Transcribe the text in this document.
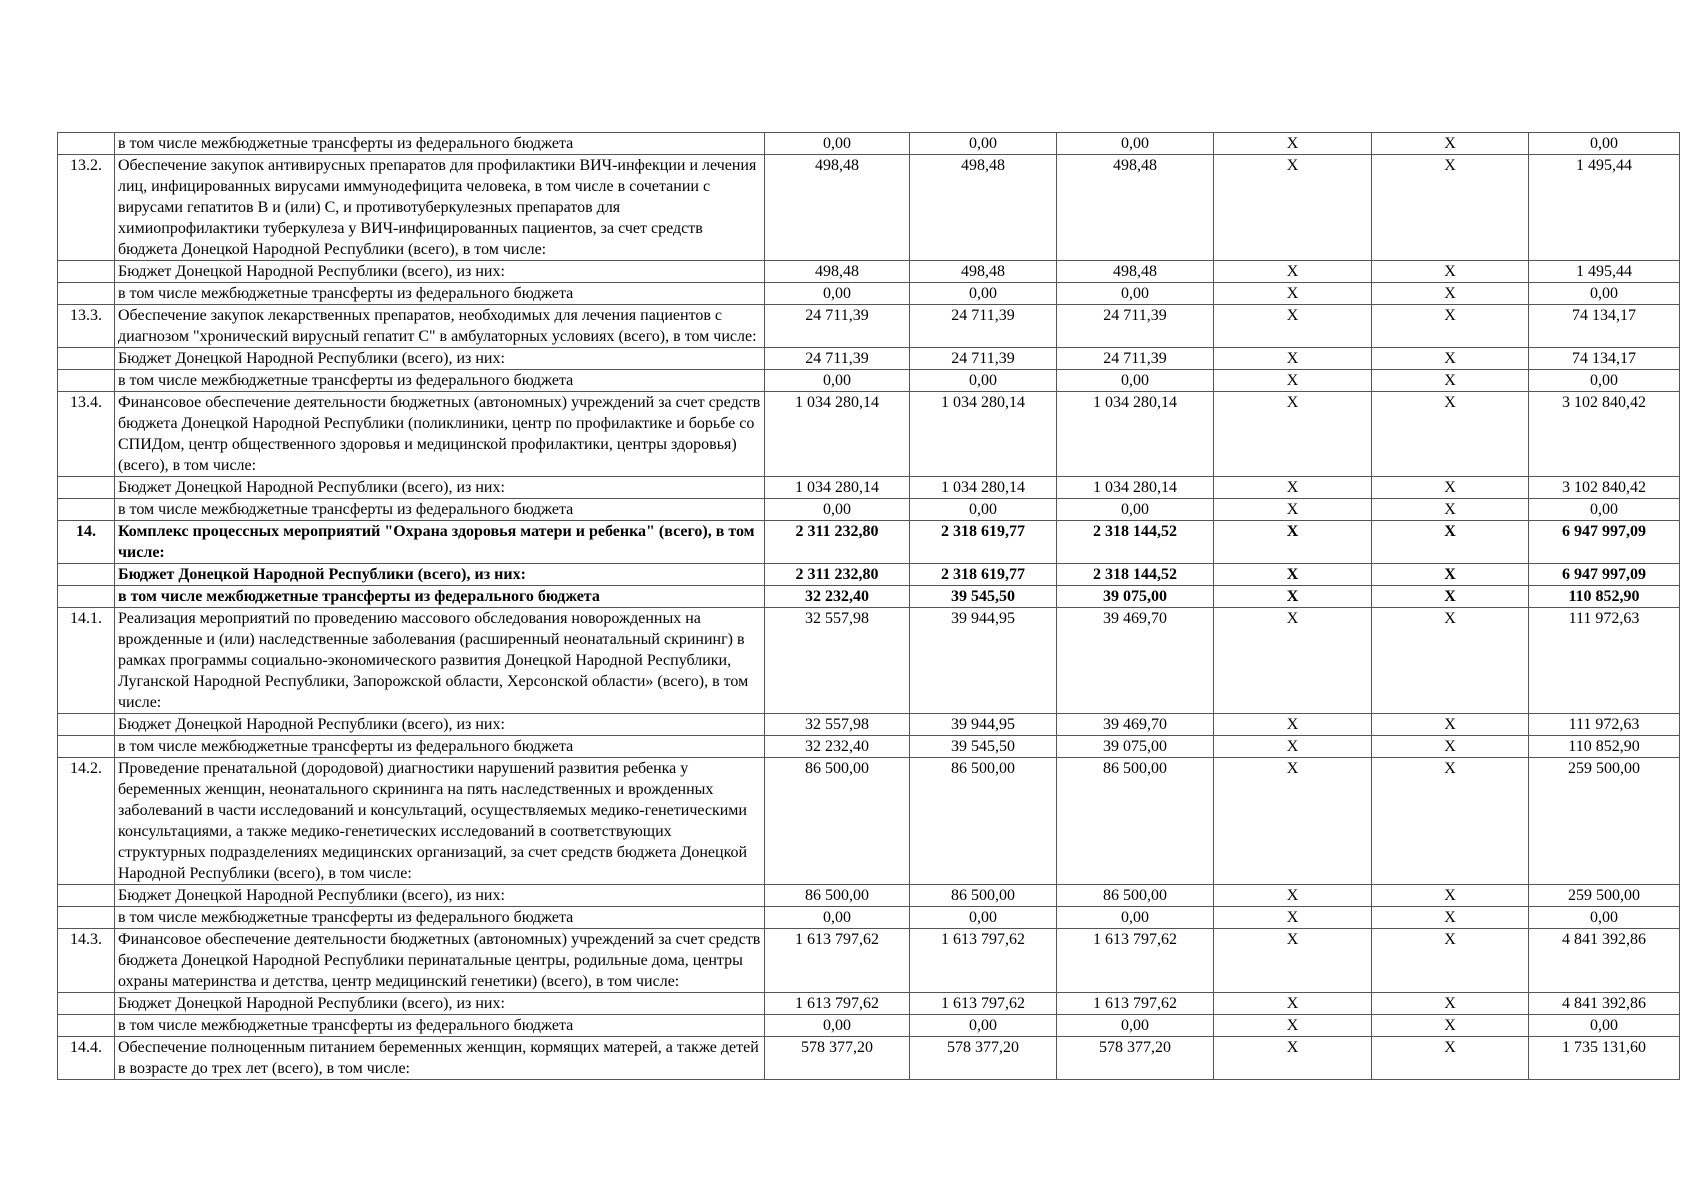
	в том числе межбюджетные трансферты из федерального бюджета	0,00	0,00	0,00	X	X	0,00
13.2.	Обеспечение закупок антивирусных препаратов для профилактики ВИЧ-инфекции и лечения лиц, инфицированных вирусами иммунодефицита человека, в том числе в сочетании с вирусами гепатитов В и (или) С, и противотуберкулезных препаратов для химиопрофилактики туберкулеза у ВИЧ-инфицированных пациентов, за счет средств бюджета Донецкой Народной Республики (всего), в том числе:	498,48	498,48	498,48	X	X	1 495,44
	Бюджет Донецкой Народной Республики (всего), из них:	498,48	498,48	498,48	X	X	1 495,44
	в том числе межбюджетные трансферты из федерального бюджета	0,00	0,00	0,00	X	X	0,00
13.3.	Обеспечение закупок лекарственных препаратов, необходимых для лечения пациентов с диагнозом "хронический вирусный гепатит С" в амбулаторных условиях (всего), в том числе:	24 711,39	24 711,39	24 711,39	X	X	74 134,17
	Бюджет Донецкой Народной Республики (всего), из них:	24 711,39	24 711,39	24 711,39	X	X	74 134,17
	в том числе межбюджетные трансферты из федерального бюджета	0,00	0,00	0,00	X	X	0,00
13.4.	Финансовое обеспечение деятельности бюджетных (автономных) учреждений за счет средств бюджета Донецкой Народной Республики (поликлиники, центр по профилактике и борьбе со СПИДом, центр общественного здоровья и медицинской профилактики, центры здоровья) (всего), в том числе:	1 034 280,14	1 034 280,14	1 034 280,14	X	X	3 102 840,42
	Бюджет Донецкой Народной Республики (всего), из них:	1 034 280,14	1 034 280,14	1 034 280,14	X	X	3 102 840,42
	в том числе межбюджетные трансферты из федерального бюджета	0,00	0,00	0,00	X	X	0,00
14.	Комплекс процессных мероприятий "Охрана здоровья матери и ребенка" (всего), в том числе:	2 311 232,80	2 318 619,77	2 318 144,52	X	X	6 947 997,09
	Бюджет Донецкой Народной Республики (всего), из них:	2 311 232,80	2 318 619,77	2 318 144,52	X	X	6 947 997,09
	в том числе межбюджетные трансферты из федерального бюджета	32 232,40	39 545,50	39 075,00	X	X	110 852,90
14.1.	Реализация мероприятий по проведению массового обследования новорожденных на врожденные и (или) наследственные заболевания (расширенный неонатальный скрининг) в рамках программы социально-экономического развития Донецкой Народной Республики, Луганской Народной Республики, Запорожской области, Херсонской области» (всего), в том числе:	32 557,98	39 944,95	39 469,70	X	X	111 972,63
	Бюджет Донецкой Народной Республики (всего), из них:	32 557,98	39 944,95	39 469,70	X	X	111 972,63
	в том числе межбюджетные трансферты из федерального бюджета	32 232,40	39 545,50	39 075,00	X	X	110 852,90
14.2.	Проведение пренатальной (дородовой) диагностики нарушений развития ребенка у беременных женщин, неонатального скрининга на пять наследственных и врожденных заболеваний в части исследований и консультаций, осуществляемых медико-генетическими консультациями, а также медико-генетических исследований в соответствующих структурных подразделениях медицинских организаций, за счет средств бюджета Донецкой Народной Республики (всего), в том числе:	86 500,00	86 500,00	86 500,00	X	X	259 500,00
	Бюджет Донецкой Народной Республики (всего), из них:	86 500,00	86 500,00	86 500,00	X	X	259 500,00
	в том числе межбюджетные трансферты из федерального бюджета	0,00	0,00	0,00	X	X	0,00
14.3.	Финансовое обеспечение деятельности бюджетных (автономных) учреждений за счет средств бюджета Донецкой Народной Республики перинатальные центры, родильные дома, центры охраны материнства и детства, центр медицинский генетики) (всего), в том числе:	1 613 797,62	1 613 797,62	1 613 797,62	X	X	4 841 392,86
	Бюджет Донецкой Народной Республики (всего), из них:	1 613 797,62	1 613 797,62	1 613 797,62	X	X	4 841 392,86
	в том числе межбюджетные трансферты из федерального бюджета	0,00	0,00	0,00	X	X	0,00
14.4.	Обеспечение полноценным питанием беременных женщин, кормящих матерей, а также детей в возрасте до трех лет (всего), в том числе:	578 377,20	578 377,20	578 377,20	X	X	1 735 131,60
